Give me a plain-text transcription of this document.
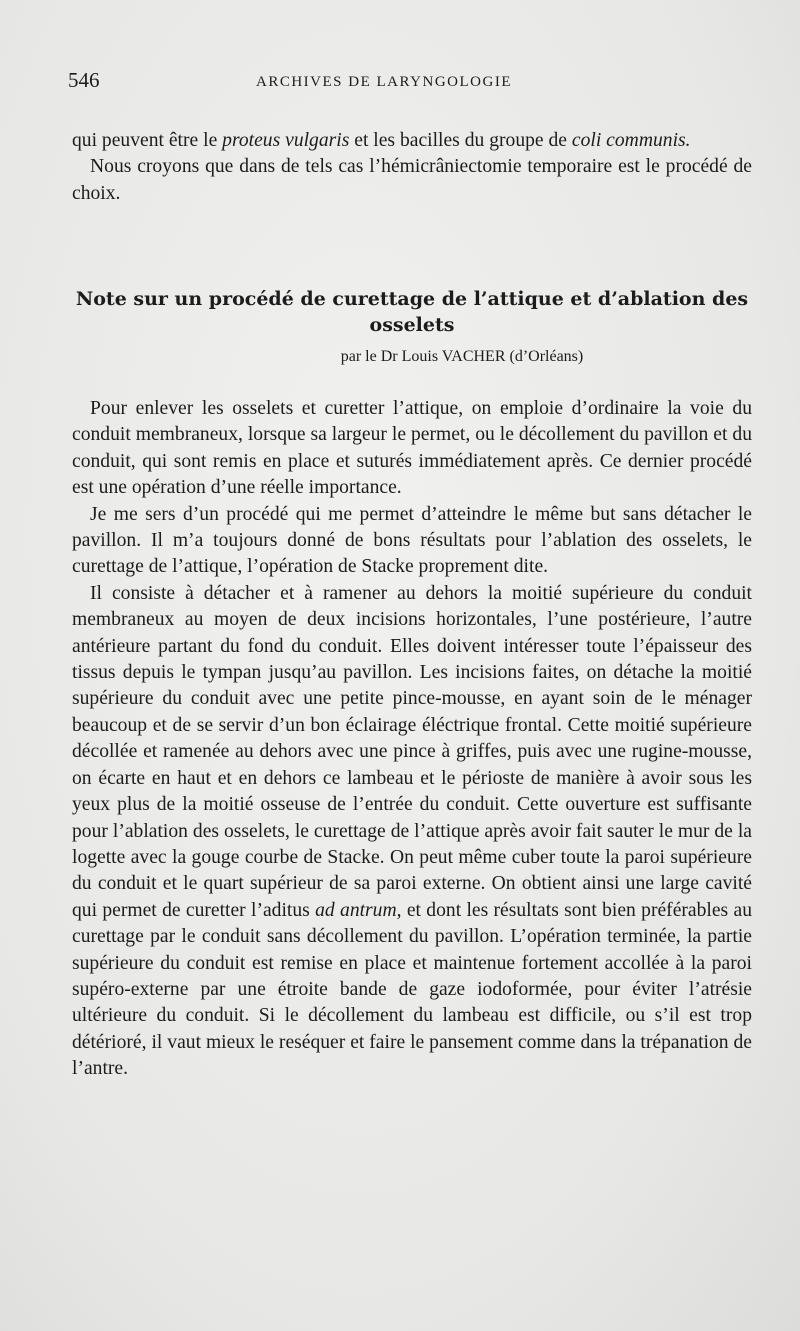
546	ARCHIVES DE LARYNGOLOGIE

qui peuvent être le proteus vulgaris et les bacilles du groupe de coli communis.

Nous croyons que dans de tels cas l’hémicrâniectomie temporaire est le procédé de choix.

Note sur un procédé de curettage de l’attique et d’ablation des osselets
par le Dr Louis VACHER (d’Orléans)

Pour enlever les osselets et curetter l’attique, on emploie d’ordinaire la voie du conduit membraneux, lorsque sa largeur le permet, ou le décollement du pavillon et du conduit, qui sont remis en place et suturés immédiatement après. Ce dernier procédé est une opération d’une réelle importance.

Je me sers d’un procédé qui me permet d’atteindre le même but sans détacher le pavillon. Il m’a toujours donné de bons résultats pour l’ablation des osselets, le curettage de l’attique, l’opération de Stacke proprement dite.

Il consiste à détacher et à ramener au dehors la moitié supérieure du conduit membraneux au moyen de deux incisions horizontales, l’une postérieure, l’autre antérieure partant du fond du conduit. Elles doivent intéresser toute l’épaisseur des tissus depuis le tympan jusqu’au pavillon. Les incisions faites, on détache la moitié supérieure du conduit avec une petite pince-mousse, en ayant soin de le ménager beaucoup et de se servir d’un bon éclairage éléctrique frontal. Cette moitié supérieure décollée et ramenée au dehors avec une pince à griffes, puis avec une rugine-mousse, on écarte en haut et en dehors ce lambeau et le périoste de manière à avoir sous les yeux plus de la moitié osseuse de l’entrée du conduit. Cette ouverture est suffisante pour l’ablation des osselets, le curettage de l’attique après avoir fait sauter le mur de la logette avec la gouge courbe de Stacke. On peut même cuber toute la paroi supérieure du conduit et le quart supérieur de sa paroi externe. On obtient ainsi une large cavité qui permet de curetter l’aditus ad antrum, et dont les résultats sont bien préférables au curettage par le conduit sans décollement du pavillon. L’opération terminée, la partie supérieure du conduit est remise en place et maintenue fortement accollée à la paroi supéro-externe par une étroite bande de gaze iodoformée, pour éviter l’atrésie ultérieure du conduit. Si le décollement du lambeau est difficile, ou s’il est trop détérioré, il vaut mieux le reséquer et faire le pansement comme dans la trépanation de l’antre.
